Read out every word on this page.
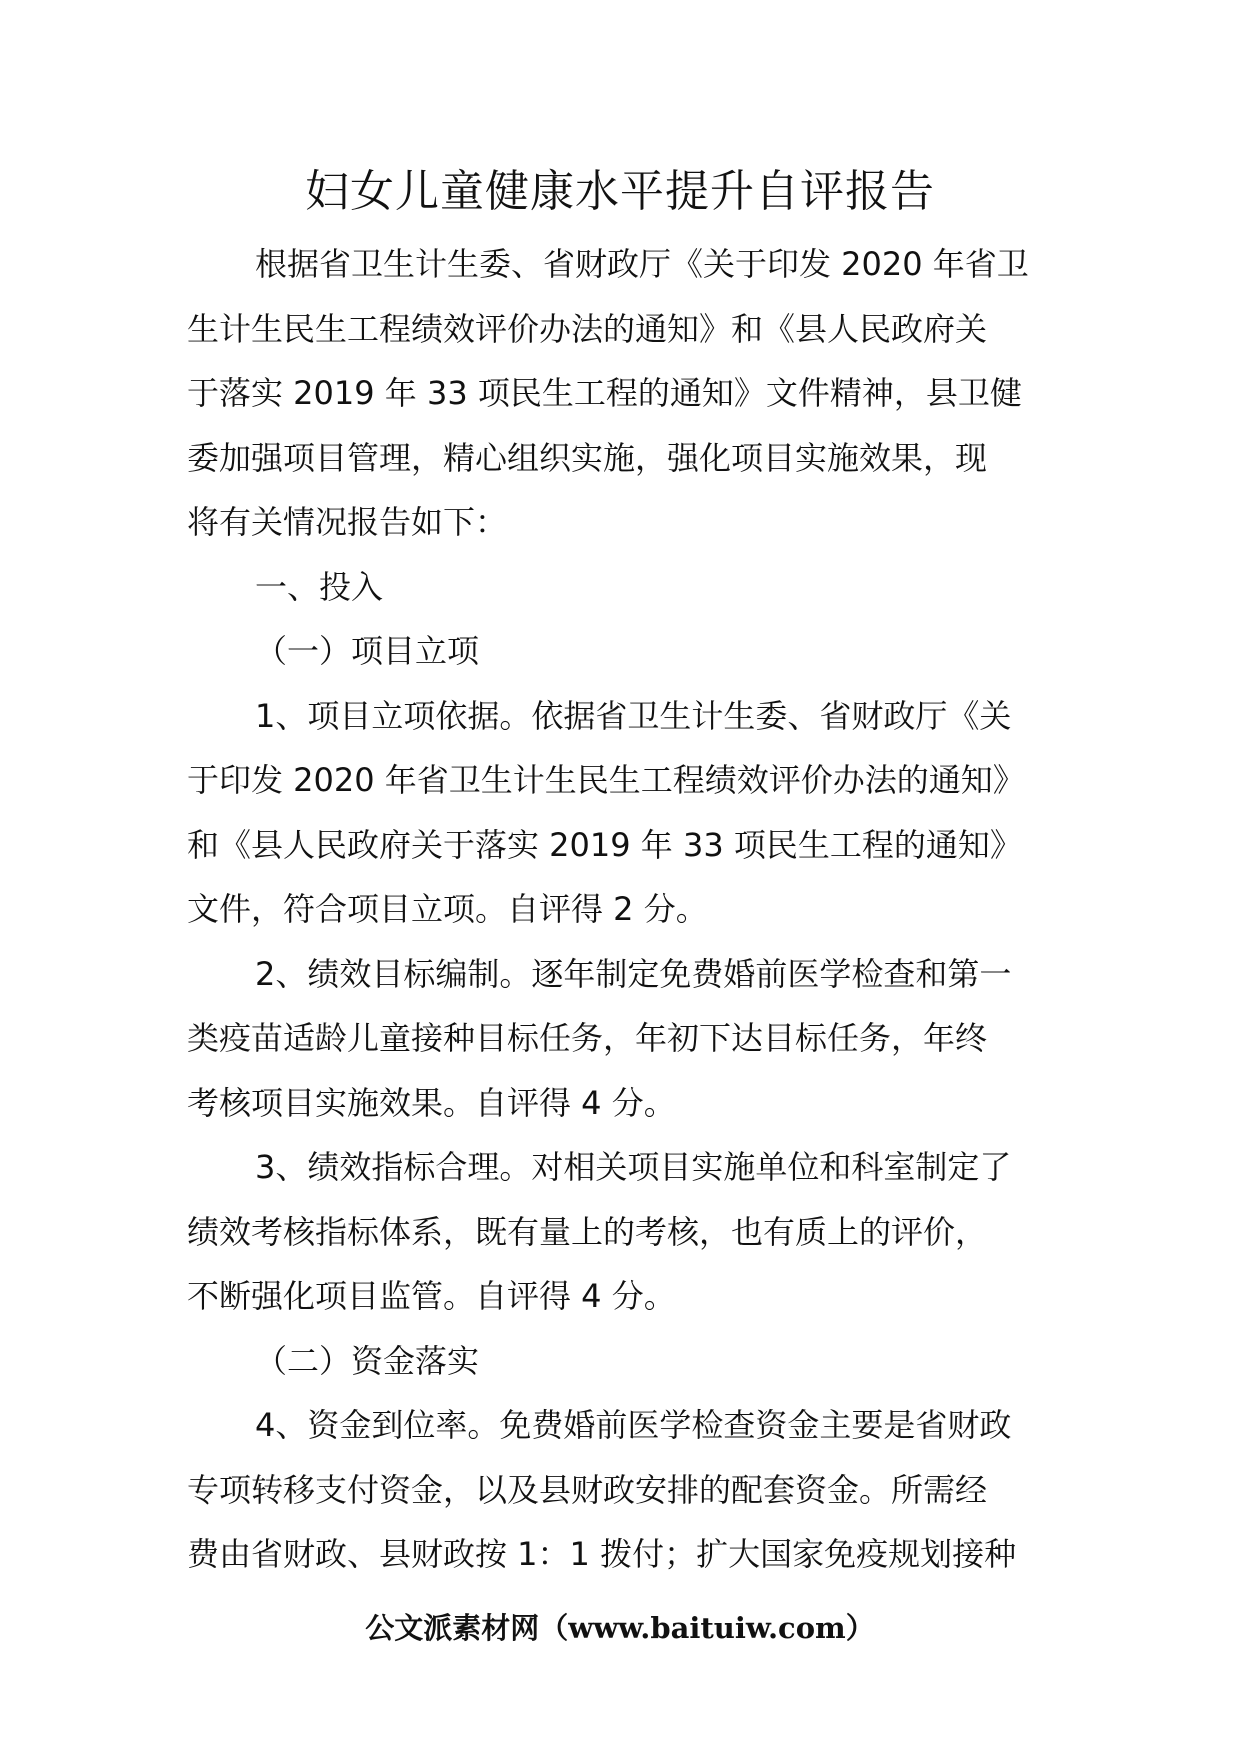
妇女儿童健康水平提升自评报告
根据省卫生计生委、省财政厅《关于印发 2020 年省卫
生计生民生工程绩效评价办法的通知》和《县人民政府关
于落实 2019 年 33 项民生工程的通知》文件精神，县卫健
委加强项目管理，精心组织实施，强化项目实施效果，现
将有关情况报告如下：
一、投入
（一）项目立项
1、项目立项依据。依据省卫生计生委、省财政厅《关
于印发 2020 年省卫生计生民生工程绩效评价办法的通知》
和《县人民政府关于落实 2019 年 33 项民生工程的通知》
文件，符合项目立项。自评得 2 分。
2、绩效目标编制。逐年制定免费婚前医学检查和第一
类疫苗适龄儿童接种目标任务，年初下达目标任务，年终
考核项目实施效果。自评得 4 分。
3、绩效指标合理。对相关项目实施单位和科室制定了
绩效考核指标体系，既有量上的考核，也有质上的评价，
不断强化项目监管。自评得 4 分。
（二）资金落实
4、资金到位率。免费婚前医学检查资金主要是省财政
专项转移支付资金，以及县财政安排的配套资金。所需经
费由省财政、县财政按 1：1 拨付；扩大国家免疫规划接种
公文派素材网（www.baituiw.com）
